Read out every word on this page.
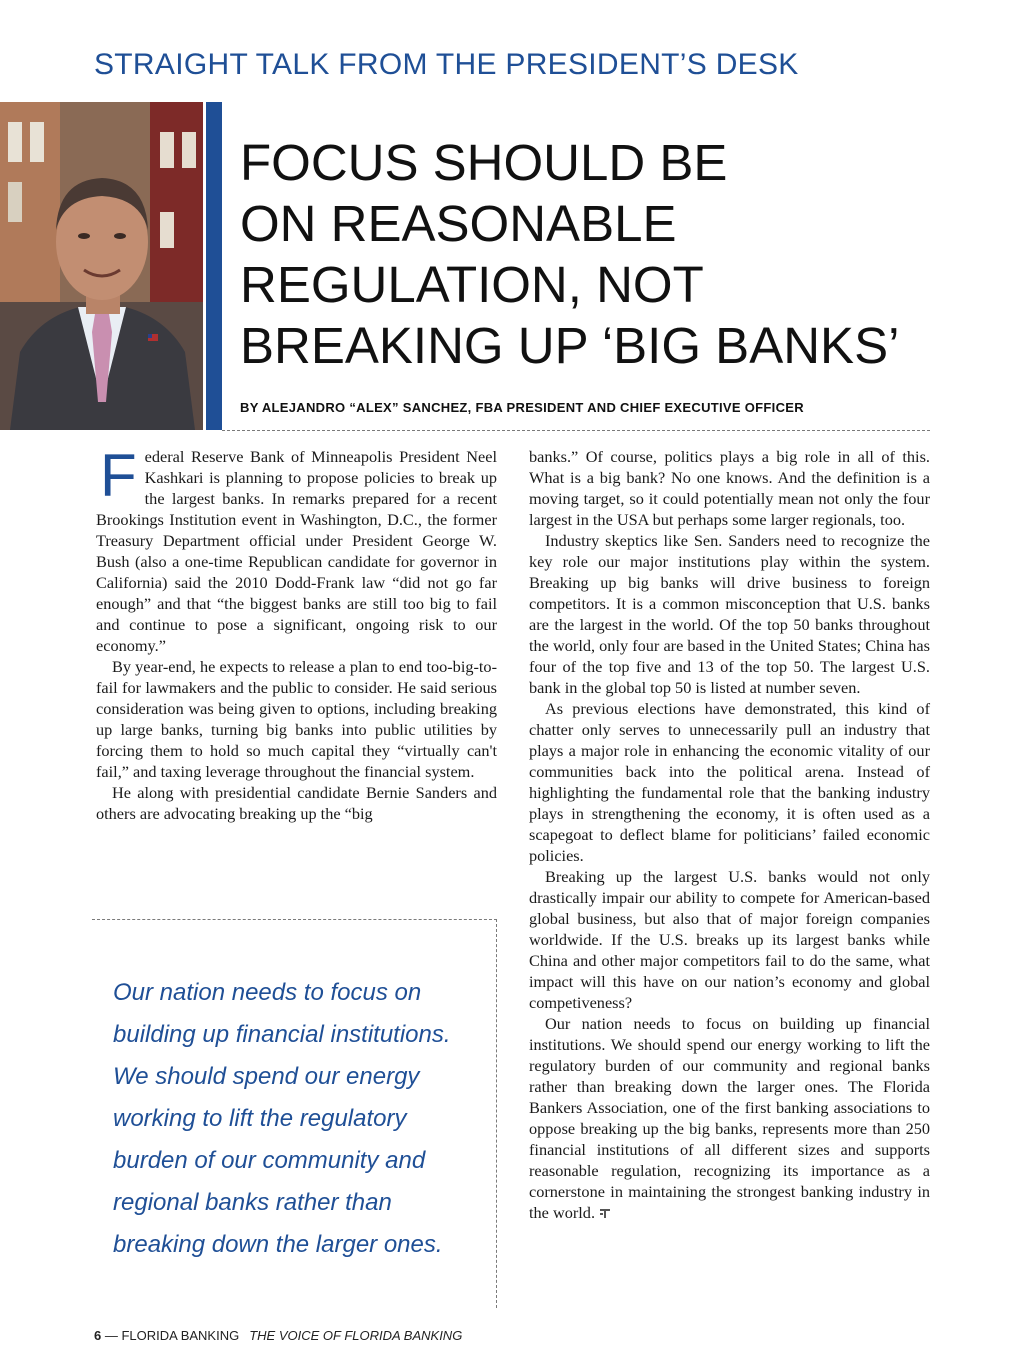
STRAIGHT TALK FROM THE PRESIDENT’S DESK
FOCUS SHOULD BE
ON REASONABLE
REGULATION, NOT
BREAKING UP ‘BIG BANKS’

BY ALEJANDRO “ALEX” SANCHEZ, FBA PRESIDENT AND CHIEF EXECUTIVE OFFICER

Federal Reserve Bank of Minneapolis President Neel Kashkari is planning to propose policies to break up the largest banks. In remarks prepared for a recent Brookings Institution event in Washington, D.C., the former Treasury Department official under President George W. Bush (also a one-time Republican candidate for governor in California) said the 2010 Dodd-Frank law “did not go far enough” and that “the biggest banks are still too big to fail and continue to pose a significant, ongoing risk to our economy.”

By year-end, he expects to release a plan to end too-big-to-fail for lawmakers and the public to consider. He said serious consideration was being given to options, including breaking up large banks, turning big banks into public utilities by forcing them to hold so much capital they “virtually can't fail,” and taxing leverage throughout the financial system.

He along with presidential candidate Bernie Sanders and others are advocating breaking up the “big

Our nation needs to focus on
building up financial institutions.
We should spend our energy
working to lift the regulatory
burden of our community and
regional banks rather than
breaking down the larger ones.

banks.” Of course, politics plays a big role in all of this. What is a big bank? No one knows. And the definition is a moving target, so it could potentially mean not only the four largest in the USA but perhaps some larger regionals, too.

Industry skeptics like Sen. Sanders need to recognize the key role our major institutions play within the system. Breaking up big banks will drive business to foreign competitors. It is a common misconception that U.S. banks are the largest in the world. Of the top 50 banks throughout the world, only four are based in the United States; China has four of the top five and 13 of the top 50. The largest U.S. bank in the global top 50 is listed at number seven.

As previous elections have demonstrated, this kind of chatter only serves to unnecessarily pull an industry that plays a major role in enhancing the economic vitality of our communities back into the political arena. Instead of highlighting the fundamental role that the banking industry plays in strengthening the economy, it is often used as a scapegoat to deflect blame for politicians’ failed economic policies.

Breaking up the largest U.S. banks would not only drastically impair our ability to compete for American-based global business, but also that of major foreign companies worldwide. If the U.S. breaks up its largest banks while China and other major competitors fail to do the same, what impact will this have on our nation’s economy and global competiveness?

Our nation needs to focus on building up financial institutions. We should spend our energy working to lift the regulatory burden of our community and regional banks rather than breaking down the larger ones. The Florida Bankers Association, one of the first banking associations to oppose breaking up the big banks, represents more than 250 financial institutions of all different sizes and supports reasonable regulation, recognizing its importance as a cornerstone in maintaining the strongest banking industry in the world.

6 — FLORIDA BANKING THE VOICE OF FLORIDA BANKING
